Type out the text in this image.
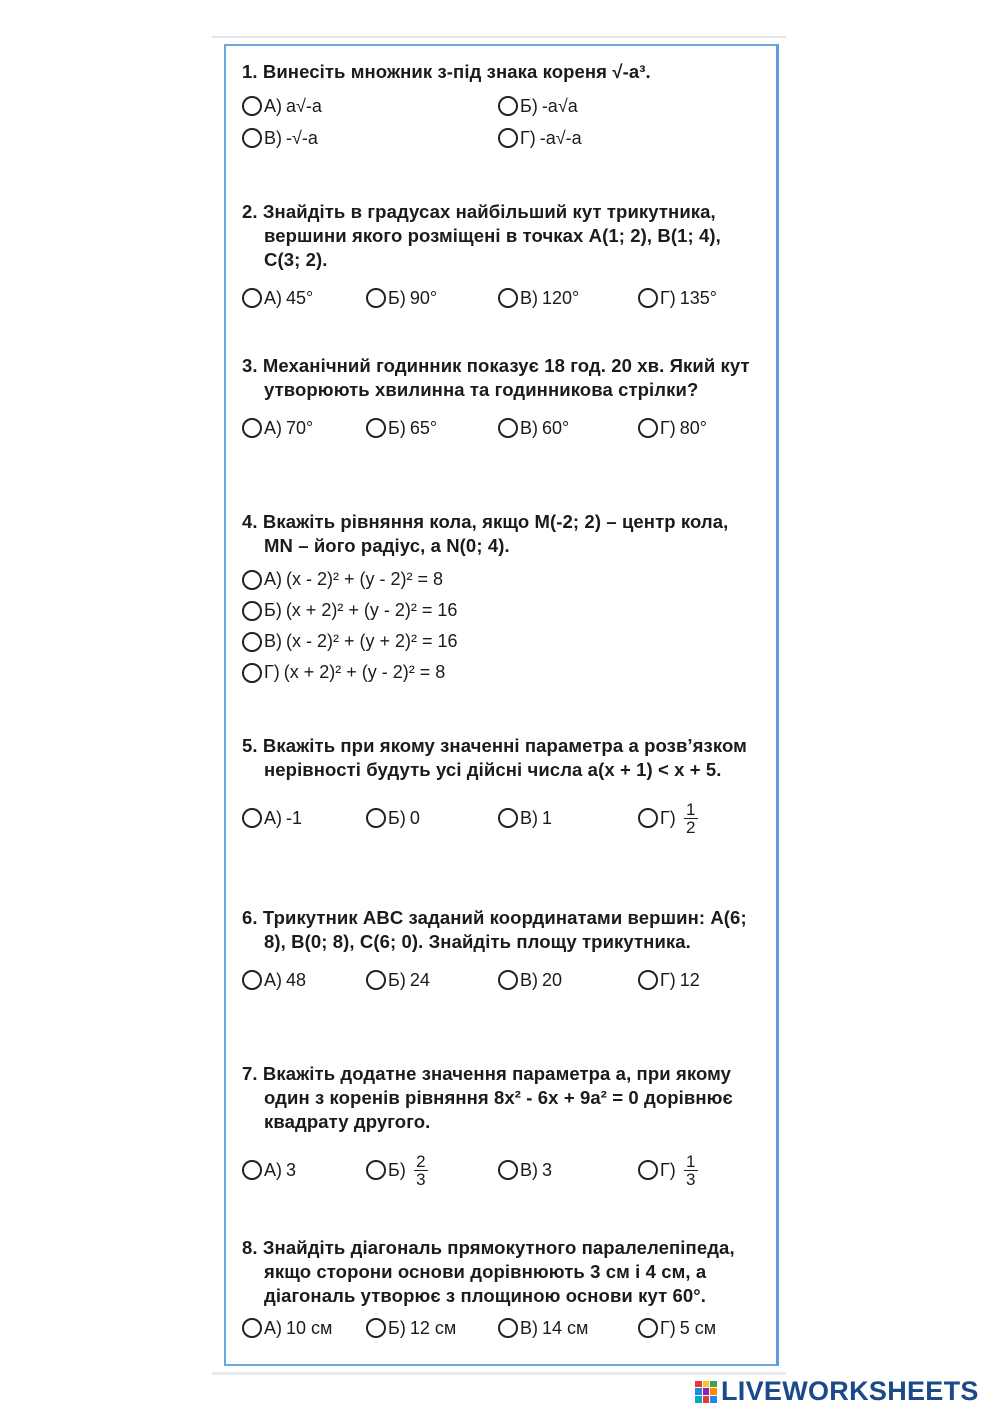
1. Винесіть множник з-під знака кореня √-a³.
А) a√-a	Б) -a√a
В) -√-a	Г) -a√-a
2. Знайдіть в градусах найбільший кут трикутника, вершини якого розміщені в точках A(1; 2), B(1; 4), C(3; 2).
А) 45°	Б) 90°	В) 120°	Г) 135°
3. Механічний годинник показує 18 год. 20 хв. Який кут утворюють хвилинна та годинникова стрілки?
А) 70°	Б) 65°	В) 60°	Г) 80°
4. Вкажіть рівняння кола, якщо M(-2; 2) – центр кола, MN – його радіус, а N(0; 4).
А) (x - 2)² + (y - 2)² = 8
Б) (x + 2)² + (y - 2)² = 16
В) (x - 2)² + (y + 2)² = 16
Г) (x + 2)² + (y - 2)² = 8
5. Вкажіть при якому значенні параметра a розв’язком нерівності будуть усі дійсні числа a(x + 1) < x + 5.
А) -1	Б) 0	В) 1	Г) 1
2
6. Трикутник ABC заданий координатами вершин: A(6; 8), B(0; 8), C(6; 0). Знайдіть площу трикутника.
А) 48	Б) 24	В) 20	Г) 12
7. Вкажіть додатне значення параметра a, при якому один з коренів рівняння 8x² - 6x + 9a² = 0 дорівнює квадрату другого.
А) 3	Б) 2
3	В) 3	Г) 1
3
8. Знайдіть діагональ прямокутного паралелепіпеда, якщо сторони основи дорівнюють 3 см і 4 см, а діагональ утворює з площиною основи кут 60°.
А) 10 см	Б) 12 см	В) 14 см	Г) 5 см
LIVEWORKSHEETS
